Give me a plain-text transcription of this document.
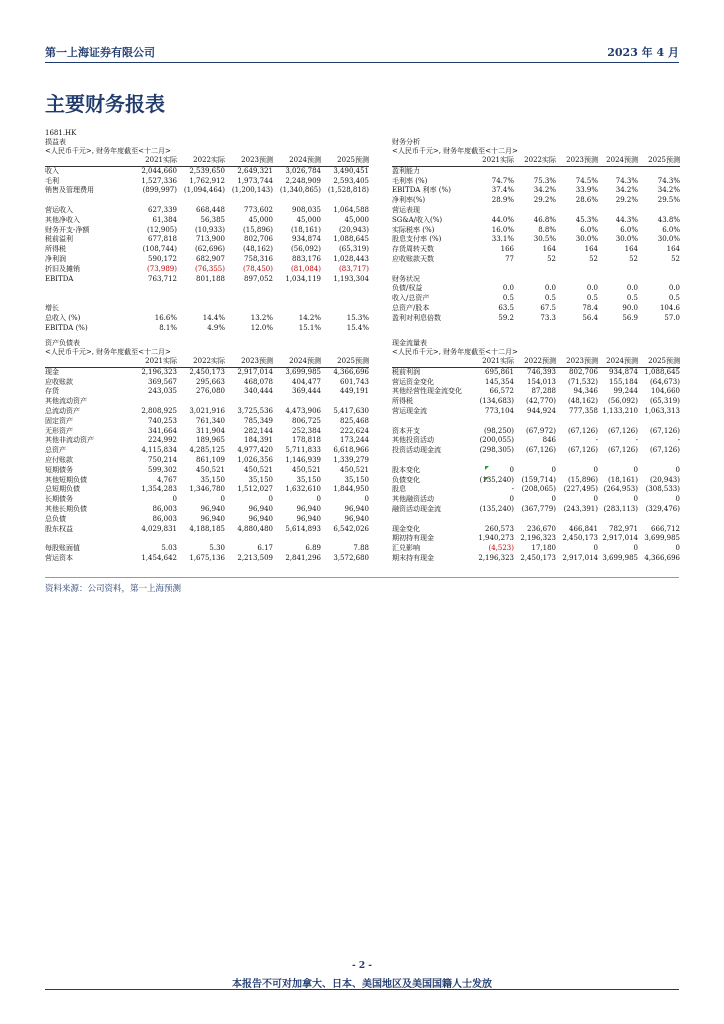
第一上海证券有限公司	2023 年 4 月
主要财务报表
1681.HK
损益表
<人民币千元>, 财务年度截至<十二月>
	2021实际	2022实际	2023预测	2024预测	2025预测
收入	2,044,660	2,539,650	2,649,321	3,026,784	3,490,451
毛利	1,527,336	1,762,912	1,973,744	2,248,909	2,593,405
销售及管理费用	(899,997)	(1,094,464)	(1,200,143)	(1,340,865)	(1,528,818)

营运收入	627,339	668,448	773,602	908,035	1,064,588
其他净收入	61,384	56,385	45,000	45,000	45,000
财务开支-净额	(12,905)	(10,933)	(15,896)	(18,161)	(20,943)
税前溢利	677,818	713,900	802,706	934,874	1,088,645
所得税	(108,744)	(62,696)	(48,162)	(56,092)	(65,319)
净利润	590,172	682,907	758,316	883,176	1,028,443
折旧及摊销	(73,989)	(76,355)	(78,450)	(81,084)	(83,717)
EBITDA	763,712	801,188	897,052	1,034,119	1,193,304

增长					
总收入 (%)	16.6%	14.4%	13.2%	14.2%	15.3%
EBITDA (%)	8.1%	4.9%	12.0%	15.1%	15.4%
财务分析
<人民币千元>, 财务年度截至<十二月>
	2021实际	2022实际	2023预测	2024预测	2025预测
盈利能力					
毛利率 (%)	74.7%	75.3%	74.5%	74.3%	74.3%
EBITDA 利率 (%)	37.4%	34.2%	33.9%	34.2%	34.2%
净利率(%)	28.9%	29.2%	28.6%	29.2%	29.5%
营运表现					
SG&A/收入(%)	44.0%	46.8%	45.3%	44.3%	43.8%
实际税率 (%)	16.0%	8.8%	6.0%	6.0%	6.0%
股息支付率 (%)	33.1%	30.5%	30.0%	30.0%	30.0%
存货周转天数	166	164	164	164	164
应收账款天数	77	52	52	52	52

财务状况					
负债/权益	0.0	0.0	0.0	0.0	0.0
收入/总资产	0.5	0.5	0.5	0.5	0.5
总资产/股本	63.5	67.5	78.4	90.0	104.6
盈利对利息倍数	59.2	73.3	56.4	56.9	57.0
资产负债表
<人民币千元>, 财务年度截至<十二月>
	2021实际	2022实际	2023预测	2024预测	2025预测
现金	2,196,323	2,450,173	2,917,014	3,699,985	4,366,696
应收账款	369,567	295,663	468,078	404,477	601,743
存货	243,035	276,080	340,444	369,444	449,191
其他流动资产					
总流动资产	2,808,925	3,021,916	3,725,536	4,473,906	5,417,630
固定资产	740,253	761,340	785,349	806,725	825,468
无形资产	341,664	311,904	282,144	252,384	222,624
其他非流动资产	224,992	189,965	184,391	178,818	173,244
总资产	4,115,834	4,285,125	4,977,420	5,711,833	6,618,966
应付账款	750,214	861,109	1,026,356	1,146,939	1,339,279
短期债务	599,302	450,521	450,521	450,521	450,521
其他短期负债	4,767	35,150	35,150	35,150	35,150
总短期负债	1,354,283	1,346,780	1,512,027	1,632,610	1,844,950
长期债务	0	0	0	0	0
其他长期负债	86,003	96,940	96,940	96,940	96,940
总负债	86,003	96,940	96,940	96,940	96,940
股东权益	4,029,831	4,188,185	4,880,480	5,614,893	6,542,026

每股账面值	5.03	5.30	6.17	6.89	7.88
营运资本	1,454,642	1,675,136	2,213,509	2,841,296	3,572,680
现金流量表
<人民币千元>, 财务年度截至<十二月>
	2021实际	2022预测	2023预测	2024预测	2025预测
税前利润	695,861	746,393	802,706	934,874	1,088,645
营运资金变化	145,354	154,013	(71,532)	155,184	(64,673)
其他经营性现金流变化	66,572	87,288	94,346	99,244	104,660
所得税	(134,683)	(42,770)	(48,162)	(56,092)	(65,319)
营运现金流	773,104	944,924	777,358	1,133,210	1,063,313

资本开支	(98,250)	(67,972)	(67,126)	(67,126)	(67,126)
其他投资活动	(200,055)	846	-	-	-
投资活动现金流	(298,305)	(67,126)	(67,126)	(67,126)	(67,126)

股本变化	0	0	0	0	0
负债变化	(135,240)	(159,714)	(15,896)	(18,161)	(20,943)
股息	-	(208,065)	(227,495)	(264,953)	(308,533)
其他融资活动	0	0	0	0	0
融资活动现金流	(135,240)	(367,779)	(243,391)	(283,113)	(329,476)

现金变化	260,573	236,670	466,841	782,971	666,712
期初持有现金	1,940,273	2,196,323	2,450,173	2,917,014	3,699,985
汇兑影响	(4,523)	17,180	0	0	0
期末持有现金	2,196,323	2,450,173	2,917,014	3,699,985	4,366,696
资料来源：公司资料，第一上海预测
- 2 -
本报告不可对加拿大、日本、美国地区及美国国籍人士发放
